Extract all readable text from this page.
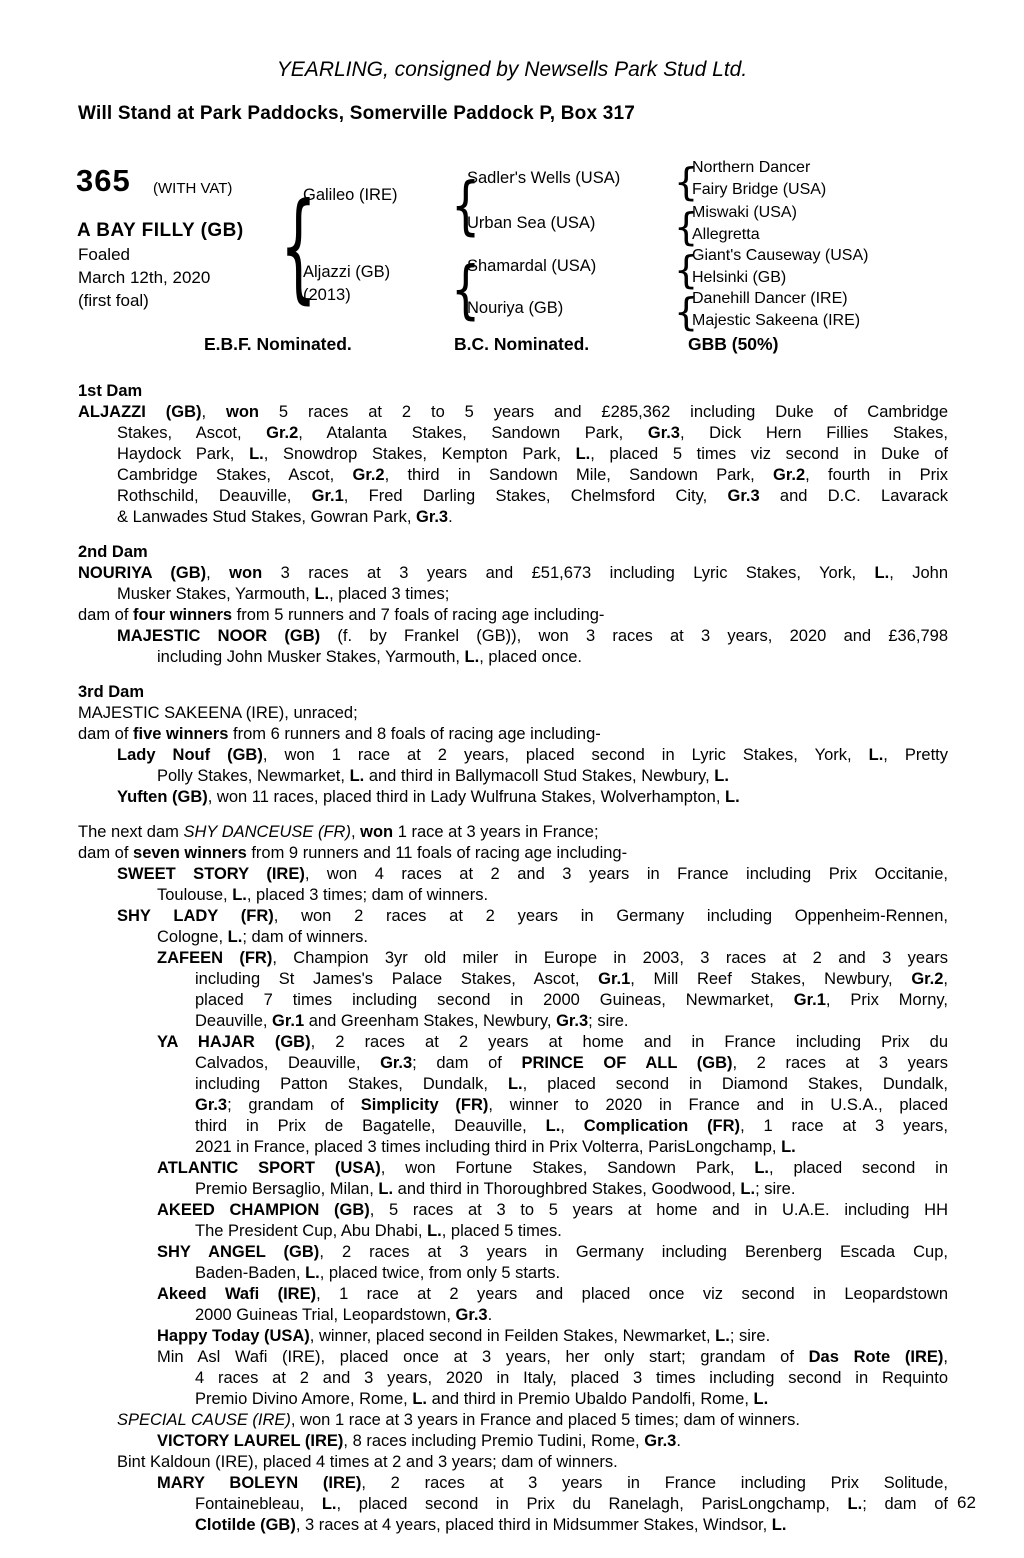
YEARLING, consigned by Newsells Park Stud Ltd.
Will Stand at Park Paddocks, Somerville Paddock P, Box 317
365 (WITH VAT)
A BAY FILLY (GB)
Foaled
March 12th, 2020
(first foal)
Galileo (IRE)
Aljazzi (GB)
(2013)
Sadler's Wells (USA)
Urban Sea (USA)
Shamardal (USA)
Nouriya (GB)
Northern Dancer
Fairy Bridge (USA)
Miswaki (USA)
Allegretta
Giant's Causeway (USA)
Helsinki (GB)
Danehill Dancer (IRE)
Majestic Sakeena (IRE)
E.B.F. Nominated.	B.C. Nominated.	GBB (50%)
1st Dam
ALJAZZI (GB), won 5 races at 2 to 5 years and £285,362 including Duke of Cambridge
Stakes, Ascot, Gr.2, Atalanta Stakes, Sandown Park, Gr.3, Dick Hern Fillies Stakes,
Haydock Park, L., Snowdrop Stakes, Kempton Park, L., placed 5 times viz second in Duke of
Cambridge Stakes, Ascot, Gr.2, third in Sandown Mile, Sandown Park, Gr.2, fourth in Prix
Rothschild, Deauville, Gr.1, Fred Darling Stakes, Chelmsford City, Gr.3 and D.C. Lavarack
& Lanwades Stud Stakes, Gowran Park, Gr.3.
2nd Dam
NOURIYA (GB), won 3 races at 3 years and £51,673 including Lyric Stakes, York, L., John
Musker Stakes, Yarmouth, L., placed 3 times;
dam of four winners from 5 runners and 7 foals of racing age including-
MAJESTIC NOOR (GB) (f. by Frankel (GB)), won 3 races at 3 years, 2020 and £36,798
including John Musker Stakes, Yarmouth, L., placed once.
3rd Dam
MAJESTIC SAKEENA (IRE), unraced;
dam of five winners from 6 runners and 8 foals of racing age including-
Lady Nouf (GB), won 1 race at 2 years, placed second in Lyric Stakes, York, L., Pretty
Polly Stakes, Newmarket, L. and third in Ballymacoll Stud Stakes, Newbury, L.
Yuften (GB), won 11 races, placed third in Lady Wulfruna Stakes, Wolverhampton, L.
The next dam SHY DANCEUSE (FR), won 1 race at 3 years in France;
dam of seven winners from 9 runners and 11 foals of racing age including-
SWEET STORY (IRE), won 4 races at 2 and 3 years in France including Prix Occitanie,
Toulouse, L., placed 3 times; dam of winners.
SHY LADY (FR), won 2 races at 2 years in Germany including Oppenheim-Rennen,
Cologne, L.; dam of winners.
ZAFEEN (FR), Champion 3yr old miler in Europe in 2003, 3 races at 2 and 3 years
including St James's Palace Stakes, Ascot, Gr.1, Mill Reef Stakes, Newbury, Gr.2,
placed 7 times including second in 2000 Guineas, Newmarket, Gr.1, Prix Morny,
Deauville, Gr.1 and Greenham Stakes, Newbury, Gr.3; sire.
YA HAJAR (GB), 2 races at 2 years at home and in France including Prix du
Calvados, Deauville, Gr.3; dam of PRINCE OF ALL (GB), 2 races at 3 years
including Patton Stakes, Dundalk, L., placed second in Diamond Stakes, Dundalk,
Gr.3; grandam of Simplicity (FR), winner to 2020 in France and in U.S.A., placed
third in Prix de Bagatelle, Deauville, L., Complication (FR), 1 race at 3 years,
2021 in France, placed 3 times including third in Prix Volterra, ParisLongchamp, L.
ATLANTIC SPORT (USA), won Fortune Stakes, Sandown Park, L., placed second in
Premio Bersaglio, Milan, L. and third in Thoroughbred Stakes, Goodwood, L.; sire.
AKEED CHAMPION (GB), 5 races at 3 to 5 years at home and in U.A.E. including HH
The President Cup, Abu Dhabi, L., placed 5 times.
SHY ANGEL (GB), 2 races at 3 years in Germany including Berenberg Escada Cup,
Baden-Baden, L., placed twice, from only 5 starts.
Akeed Wafi (IRE), 1 race at 2 years and placed once viz second in Leopardstown
2000 Guineas Trial, Leopardstown, Gr.3.
Happy Today (USA), winner, placed second in Feilden Stakes, Newmarket, L.; sire.
Min Asl Wafi (IRE), placed once at 3 years, her only start; grandam of Das Rote (IRE),
4 races at 2 and 3 years, 2020 in Italy, placed 3 times including second in Requinto
Premio Divino Amore, Rome, L. and third in Premio Ubaldo Pandolfi, Rome, L.
SPECIAL CAUSE (IRE), won 1 race at 3 years in France and placed 5 times; dam of winners.
VICTORY LAUREL (IRE), 8 races including Premio Tudini, Rome, Gr.3.
Bint Kaldoun (IRE), placed 4 times at 2 and 3 years; dam of winners.
MARY BOLEYN (IRE), 2 races at 3 years in France including Prix Solitude,
Fontainebleau, L., placed second in Prix du Ranelagh, ParisLongchamp, L.; dam of
Clotilde (GB), 3 races at 4 years, placed third in Midsummer Stakes, Windsor, L.
62
